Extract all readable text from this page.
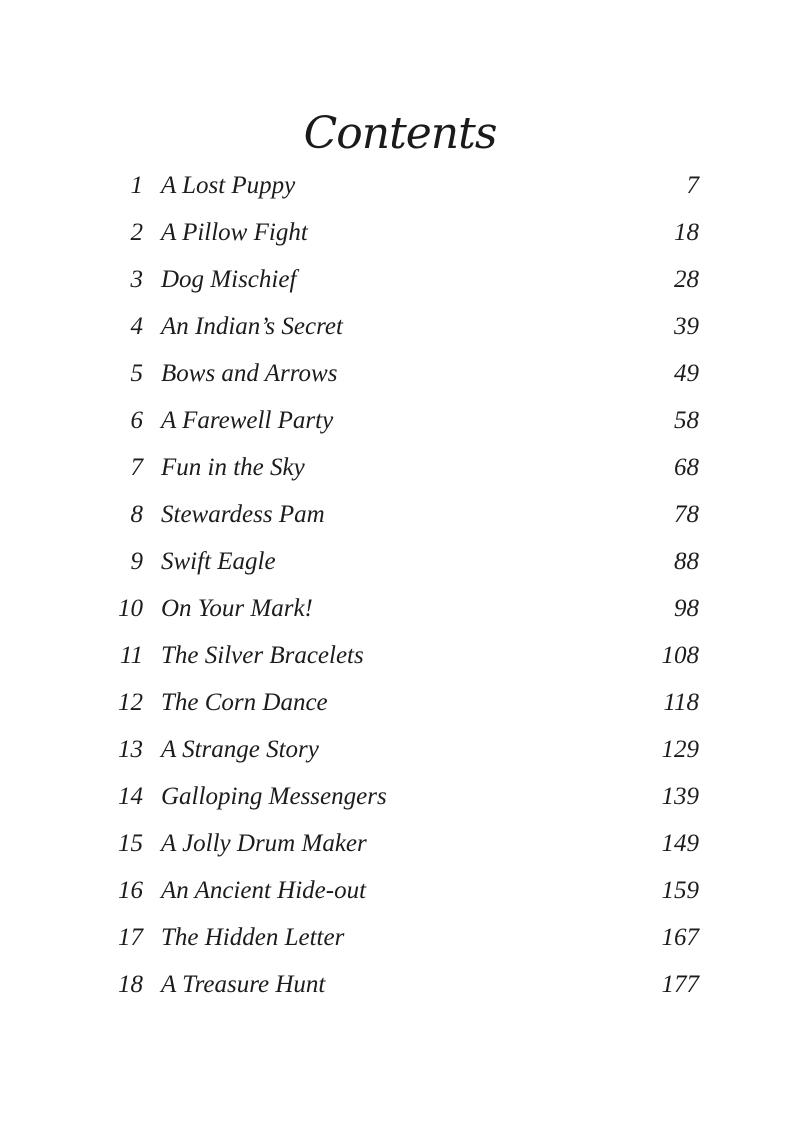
Contents
1 A Lost Puppy	7
2 A Pillow Fight	18
3 Dog Mischief	28
4 An Indian’s Secret	39
5 Bows and Arrows	49
6 A Farewell Party	58
7 Fun in the Sky	68
8 Stewardess Pam	78
9 Swift Eagle	88
10 On Your Mark!	98
11 The Silver Bracelets	108
12 The Corn Dance	118
13 A Strange Story	129
14 Galloping Messengers	139
15 A Jolly Drum Maker	149
16 An Ancient Hide-out	159
17 The Hidden Letter	167
18 A Treasure Hunt	177
